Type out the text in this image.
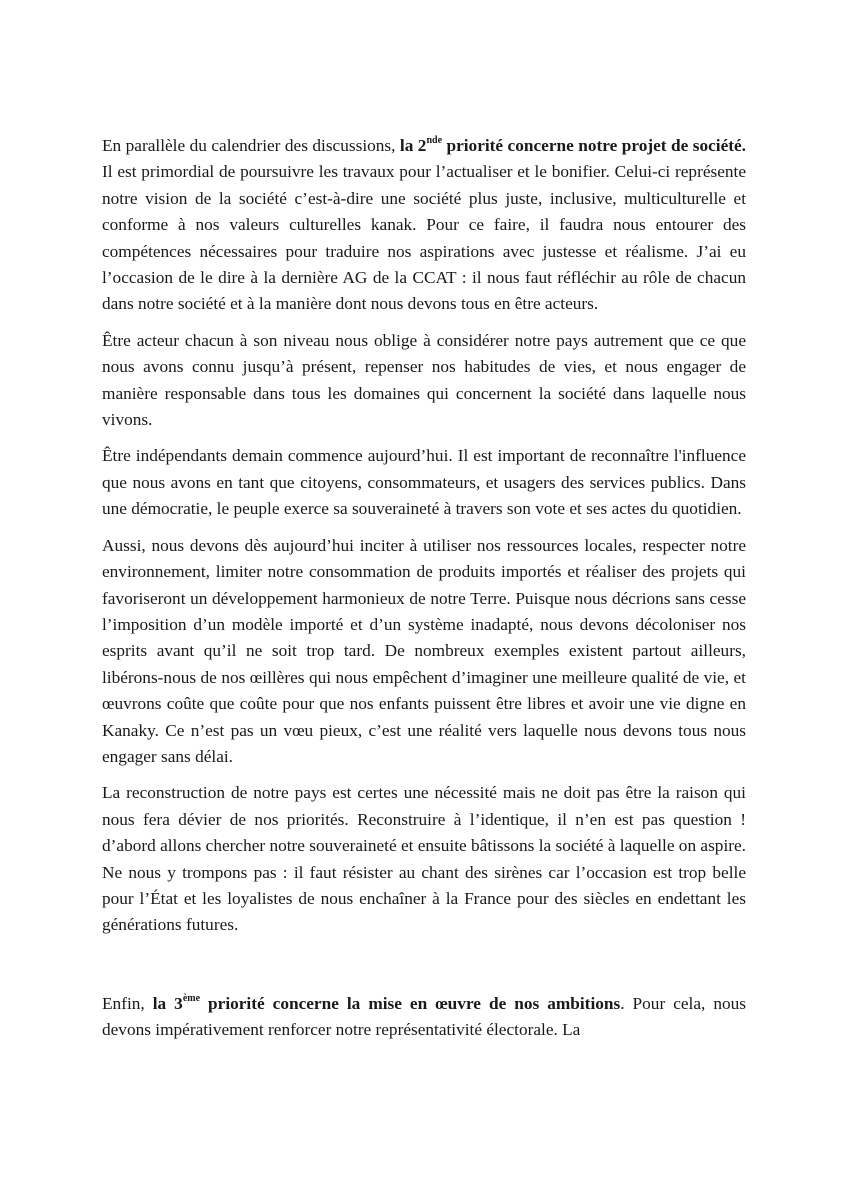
En parallèle du calendrier des discussions, la 2nde priorité concerne notre projet de société. Il est primordial de poursuivre les travaux pour l’actualiser et le bonifier. Celui-ci représente notre vision de la société c’est-à-dire une société plus juste, inclusive, multiculturelle et conforme à nos valeurs culturelles kanak. Pour ce faire, il faudra nous entourer des compétences nécessaires pour traduire nos aspirations avec justesse et réalisme. J’ai eu l’occasion de le dire à la dernière AG de la CCAT : il nous faut réfléchir au rôle de chacun dans notre société et à la manière dont nous devons tous en être acteurs.

Être acteur chacun à son niveau nous oblige à considérer notre pays autrement que ce que nous avons connu jusqu’à présent, repenser nos habitudes de vies, et nous engager de manière responsable dans tous les domaines qui concernent la société dans laquelle nous vivons.

Être indépendants demain commence aujourd’hui. Il est important de reconnaître l'influence que nous avons en tant que citoyens, consommateurs, et usagers des services publics. Dans une démocratie, le peuple exerce sa souveraineté à travers son vote et ses actes du quotidien.

Aussi, nous devons dès aujourd’hui inciter à utiliser nos ressources locales, respecter notre environnement, limiter notre consommation de produits importés et réaliser des projets qui favoriseront un développement harmonieux de notre Terre. Puisque nous décrions sans cesse l’imposition d’un modèle importé et d’un système inadapté, nous devons décoloniser nos esprits avant qu’il ne soit trop tard. De nombreux exemples existent partout ailleurs, libérons-nous de nos œillères qui nous empêchent d’imaginer une meilleure qualité de vie, et œuvrons coûte que coûte pour que nos enfants puissent être libres et avoir une vie digne en Kanaky. Ce n’est pas un vœu pieux, c’est une réalité vers laquelle nous devons tous nous engager sans délai.

La reconstruction de notre pays est certes une nécessité mais ne doit pas être la raison qui nous fera dévier de nos priorités. Reconstruire à l’identique, il n’en est pas question ! d’abord allons chercher notre souveraineté et ensuite bâtissons la société à laquelle on aspire. Ne nous y trompons pas : il faut résister au chant des sirènes car l’occasion est trop belle pour l’État et les loyalistes de nous enchaîner à la France pour des siècles en endettant les générations futures.

Enfin, la 3ème priorité concerne la mise en œuvre de nos ambitions. Pour cela, nous devons impérativement renforcer notre représentativité électorale. La
